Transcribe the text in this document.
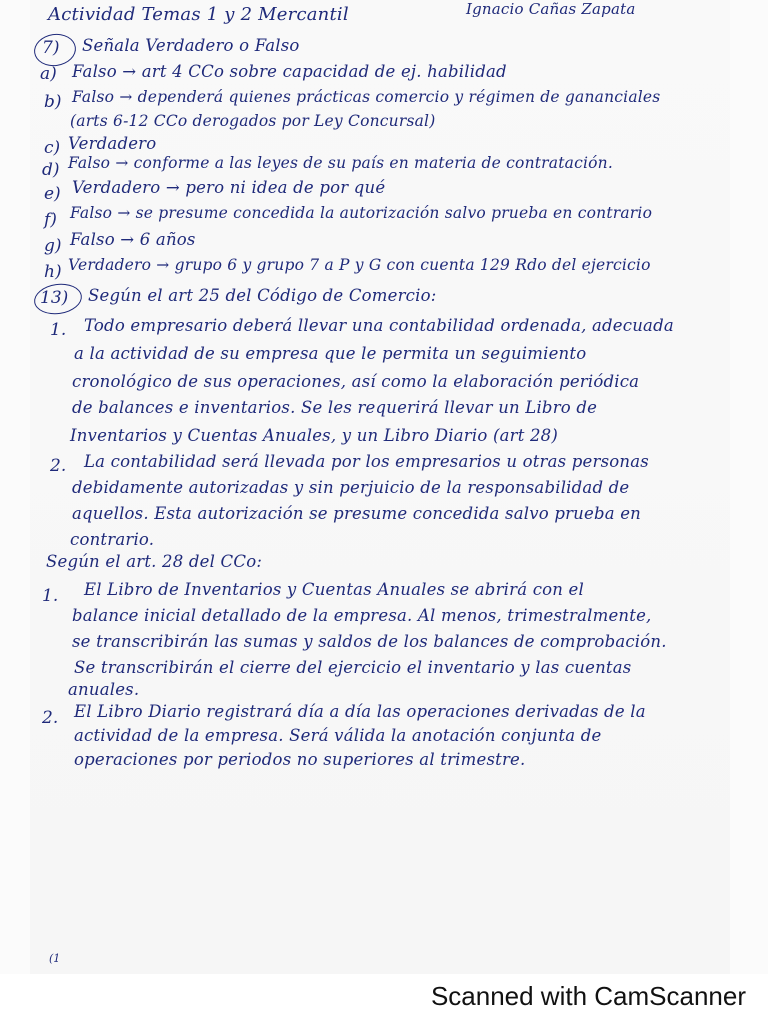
Actividad Temas 1 y 2 Mercantil	Ignacio Cañas Zapata
7) Señala Verdadero o Falso
a) Falso → art 4 CCo sobre capacidad de ej. habilidad
b) Falso → dependerá quienes prácticas comercio y régimen de gananciales
(arts 6-12 CCo derogados por Ley Concursal)
c) Verdadero
d) Falso → conforme a las leyes de su país en materia de contratación.
e) Verdadero → pero ni idea de por qué
f) Falso → se presume concedida la autorización salvo prueba en contrario
g) Falso → 6 años
h) Verdadero → grupo 6 y grupo 7 a P y G con cuenta 129 Rdo del ejercicio
13) Según el art 25 del Código de Comercio:
1. Todo empresario deberá llevar una contabilidad ordenada, adecuada
a la actividad de su empresa que le permita un seguimiento
cronológico de sus operaciones, así como la elaboración periódica
de balances e inventarios. Se les requerirá llevar un Libro de
Inventarios y Cuentas Anuales, y un Libro Diario (art 28)
2. La contabilidad será llevada por los empresarios u otras personas
debidamente autorizadas y sin perjuicio de la responsabilidad de
aquellos. Esta autorización se presume concedida salvo prueba en
contrario.
Según el art. 28 del CCo:
1. El Libro de Inventarios y Cuentas Anuales se abrirá con el
balance inicial detallado de la empresa. Al menos, trimestralmente,
se transcribirán las sumas y saldos de los balances de comprobación.
Se transcribirán el cierre del ejercicio el inventario y las cuentas
anuales.
2. El Libro Diario registrará día a día las operaciones derivadas de la
actividad de la empresa. Será válida la anotación conjunta de
operaciones por periodos no superiores al trimestre.
(1
Scanned with CamScanner
